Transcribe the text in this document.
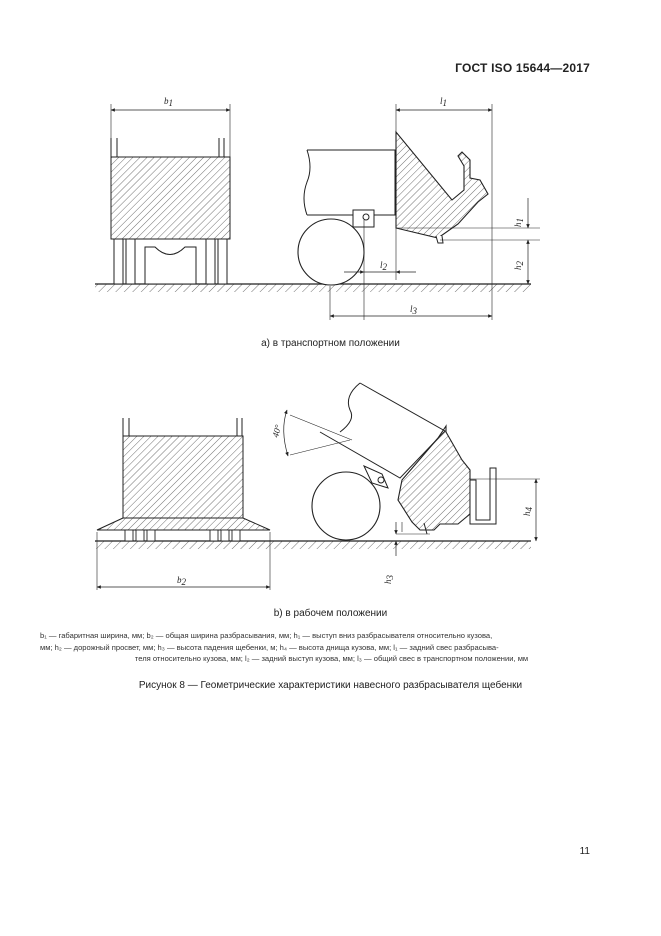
ГОСТ ISO 15644—2017
b1	l1
h1
h2
l2
l3
40°
b2	h3
h4
а) в транспортном положении
b) в рабочем положении
b₁ — габаритная ширина, мм; b₂ — общая ширина разбрасывания, мм; h₁ — выступ вниз разбрасывателя относительно кузова,
мм; h₂ — дорожный просвет, мм; h₃ — высота падения щебенки, м; h₄ — высота днища кузова, мм; l₁ — задний свес разбрасыва-
теля относительно кузова, мм; l₂ — задний выступ кузова, мм; l₃ — общий свес в транспортном положении, мм
Рисунок 8 — Геометрические характеристики навесного разбрасывателя щебенки
11
